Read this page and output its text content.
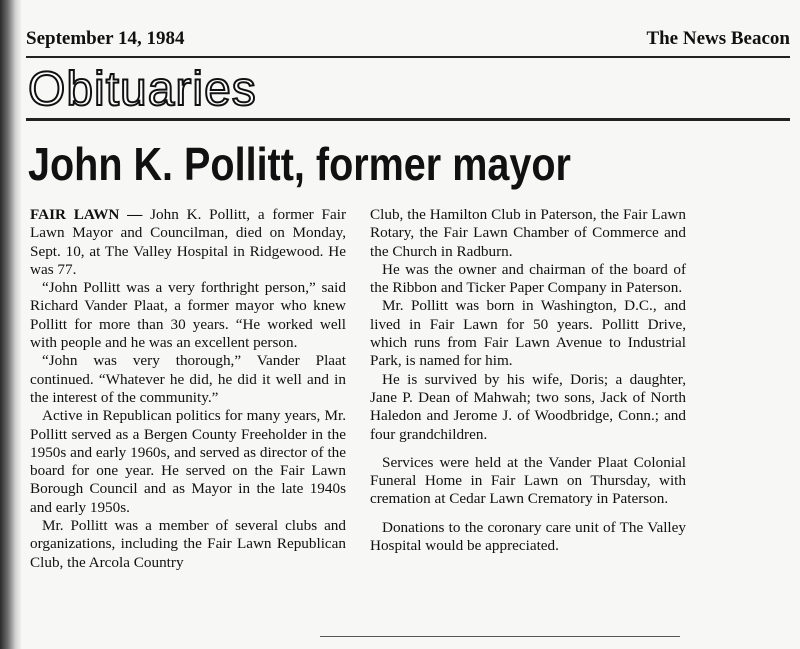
September 14, 1984	The News Beacon
Obituaries
John K. Pollitt, former mayor

FAIR LAWN — John K. Pollitt, a former Fair Lawn Mayor and Councilman, died on Monday, Sept. 10, at The Valley Hospital in Ridgewood. He was 77.

“John Pollitt was a very forthright person,” said Richard Vander Plaat, a former mayor who knew Pollitt for more than 30 years. “He worked well with people and he was an excellent person.

“John was very thorough,” Vander Plaat continued. “Whatever he did, he did it well and in the interest of the community.”

Active in Republican politics for many years, Mr. Pollitt served as a Bergen County Freeholder in the 1950s and early 1960s, and served as director of the board for one year. He served on the Fair Lawn Borough Council and as Mayor in the late 1940s and early 1950s.

Mr. Pollitt was a member of several clubs and organizations, including the Fair Lawn Republican Club, the Arcola Country

Club, the Hamilton Club in Paterson, the Fair Lawn Rotary, the Fair Lawn Chamber of Commerce and the Church in Radburn.

He was the owner and chairman of the board of the Ribbon and Ticker Paper Company in Paterson.

Mr. Pollitt was born in Washington, D.C., and lived in Fair Lawn for 50 years. Pollitt Drive, which runs from Fair Lawn Avenue to Industrial Park, is named for him.

He is survived by his wife, Doris; a daughter, Jane P. Dean of Mahwah; two sons, Jack of North Haledon and Jerome J. of Woodbridge, Conn.; and four grandchildren.

Services were held at the Vander Plaat Colonial Funeral Home in Fair Lawn on Thursday, with cremation at Cedar Lawn Crematory in Paterson.

Donations to the coronary care unit of The Valley Hospital would be appreciated.
